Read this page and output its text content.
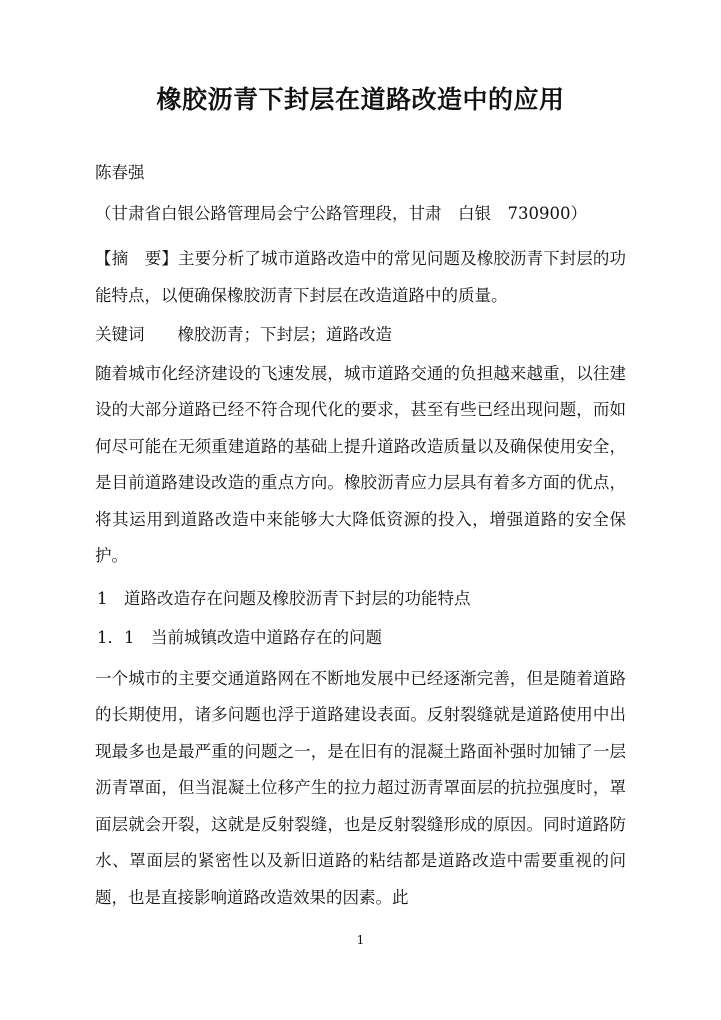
橡胶沥青下封层在道路改造中的应用

陈春强

（甘肃省白银公路管理局会宁公路管理段，甘肃　白银　730900）

【摘　要】主要分析了城市道路改造中的常见问题及橡胶沥青下封层的功能特点，以便确保橡胶沥青下封层在改造道路中的质量。

关键词　　橡胶沥青；下封层；道路改造

随着城市化经济建设的飞速发展，城市道路交通的负担越来越重，以往建设的大部分道路已经不符合现代化的要求，甚至有些已经出现问题，而如何尽可能在无须重建道路的基础上提升道路改造质量以及确保使用安全，是目前道路建设改造的重点方向。橡胶沥青应力层具有着多方面的优点，将其运用到道路改造中来能够大大降低资源的投入，增强道路的安全保护。

1　道路改造存在问题及橡胶沥青下封层的功能特点

1．1　当前城镇改造中道路存在的问题

一个城市的主要交通道路网在不断地发展中已经逐渐完善，但是随着道路的长期使用，诸多问题也浮于道路建设表面。反射裂缝就是道路使用中出现最多也是最严重的问题之一，是在旧有的混凝土路面补强时加铺了一层沥青罩面，但当混凝土位移产生的拉力超过沥青罩面层的抗拉强度时，罩面层就会开裂，这就是反射裂缝，也是反射裂缝形成的原因。同时道路防水、罩面层的紧密性以及新旧道路的粘结都是道路改造中需要重视的问题，也是直接影响道路改造效果的因素。此

1
